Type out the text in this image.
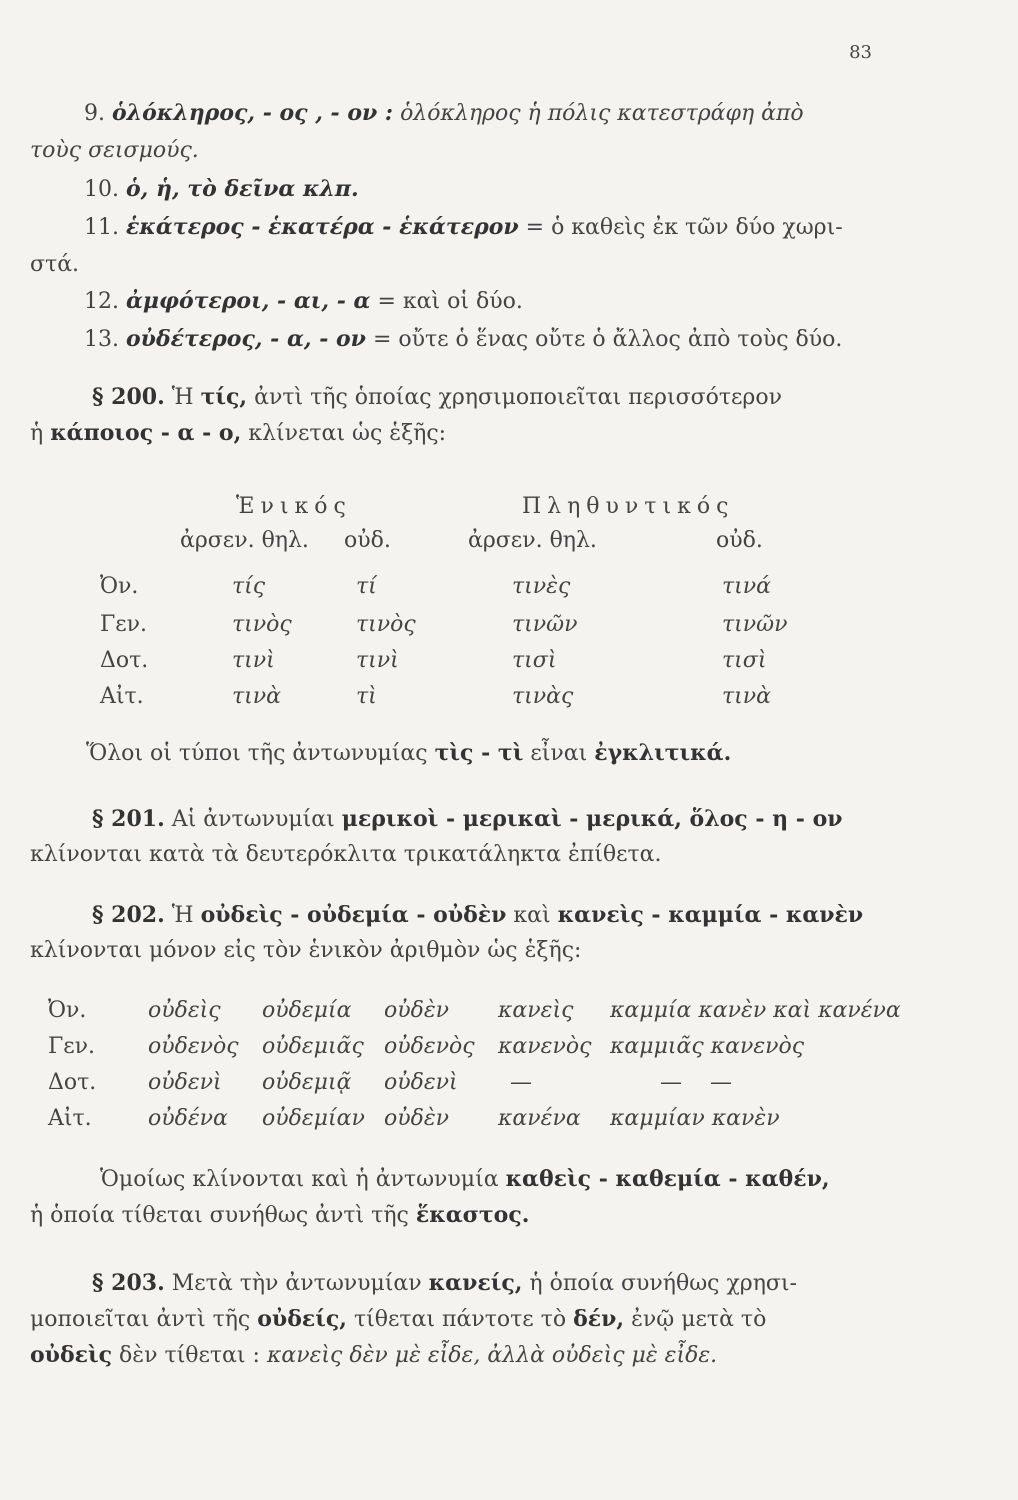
83
9. ὁλόκληρος, - ος , - ον : ὁλόκληρος ἡ πόλις κατεστράφη ἀπὸ
τοὺς σεισμούς.
10. ὁ, ἡ, τὸ δεῖνα κλπ.
11. ἑκάτερος - ἑκατέρα - ἑκάτερον = ὁ καθεὶς ἐκ τῶν δύο χωρι-
στά.
12. ἀμφότεροι, - αι, - α = καὶ οἱ δύο.
13. οὐδέτερος, - α, - ον = οὔτε ὁ ἕνας οὔτε ὁ ἄλλος ἀπὸ τοὺς δύο.
§ 200. Ἡ τίς, ἀντὶ τῆς ὁποίας χρησιμοποιεῖται περισσότερον
ἡ κάποιος - α - ο, κλίνεται ὡς ἑξῆς:
Ἑνικός	Πληθυντικός
ἀρσεν. θηλ. οὐδ.	ἀρσεν. θηλ.	οὐδ.
Ὀν.	τίς	τί	τινὲς	τινά
Γεν.	τινὸς	τινὸς	τινῶν	τινῶν
Δοτ.	τινὶ	τινὶ	τισὶ	τισὶ
Αἰτ.	τινὰ	τὶ	τινὰς	τινὰ
Ὅλοι οἱ τύποι τῆς ἀντωνυμίας τὶς - τὶ εἶναι ἐγκλιτικά.
§ 201. Αἱ ἀντωνυμίαι μερικοὶ - μερικαὶ - μερικά, ὅλος - η - ον
κλίνονται κατὰ τὰ δευτερόκλιτα τρικατάληκτα ἐπίθετα.
§ 202. Ἡ οὐδεὶς - οὐδεμία - οὐδὲν καὶ κανεὶς - καμμία - κανὲν
κλίνονται μόνον εἰς τὸν ἑνικὸν ἀριθμὸν ὡς ἑξῆς:
Ὀν.	οὐδεὶς οὐδεμία οὐδὲν κανεὶς καμμία κανὲν καὶ κανένα
Γεν. οὐδενὸς οὐδεμιᾶς οὐδενὸς κανενὸς καμμιᾶς κανενὸς
Δοτ. οὐδενὶ οὐδεμιᾷ οὐδενὶ —	—    —
Αἰτ.	οὐδένα οὐδεμίαν οὐδὲν κανένα καμμίαν κανὲν
Ὁμοίως κλίνονται καὶ ἡ ἀντωνυμία καθεὶς - καθεμία - καθέν,
ἡ ὁποία τίθεται συνήθως ἀντὶ τῆς ἕκαστος.
§ 203. Μετὰ τὴν ἀντωνυμίαν κανείς, ἡ ὁποία συνήθως χρησι-
μοποιεῖται ἀντὶ τῆς οὐδείς, τίθεται πάντοτε τὸ δέν, ἐνῷ μετὰ τὸ
οὐδεὶς δὲν τίθεται : κανεὶς δὲν μὲ εἶδε, ἀλλὰ οὐδεὶς μὲ εἶδε.
